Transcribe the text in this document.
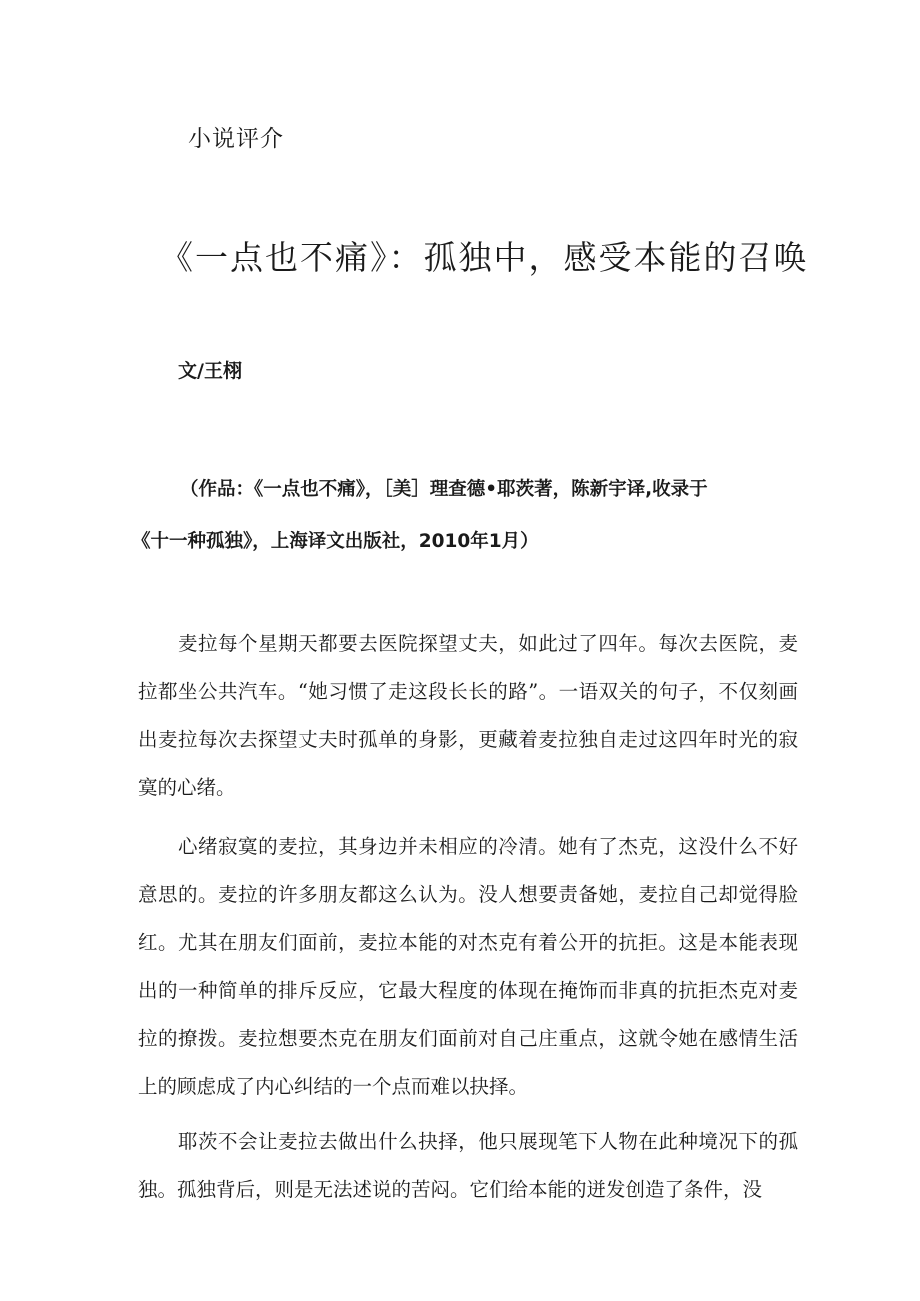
小说评介
《一点也不痛》：孤独中，感受本能的召唤

文/王栩

（作品：《一点也不痛》，［美］理查德•耶茨著，陈新宇译,收录于
《十一种孤独》，上海译文出版社，2010年1月）

麦拉每个星期天都要去医院探望丈夫，如此过了四年。每次去医院，麦拉都坐公共汽车。“她习惯了走这段长长的路”。一语双关的句子，不仅刻画出麦拉每次去探望丈夫时孤单的身影，更藏着麦拉独自走过这四年时光的寂寞的心绪。

心绪寂寞的麦拉，其身边并未相应的冷清。她有了杰克，这没什么不好意思的。麦拉的许多朋友都这么认为。没人想要责备她，麦拉自己却觉得脸红。尤其在朋友们面前，麦拉本能的对杰克有着公开的抗拒。这是本能表现出的一种简单的排斥反应，它最大程度的体现在掩饰而非真的抗拒杰克对麦拉的撩拨。麦拉想要杰克在朋友们面前对自己庄重点，这就令她在感情生活上的顾虑成了内心纠结的一个点而难以抉择。

耶茨不会让麦拉去做出什么抉择，他只展现笔下人物在此种境况下的孤独。孤独背后，则是无法述说的苦闷。它们给本能的迸发创造了条件，没
